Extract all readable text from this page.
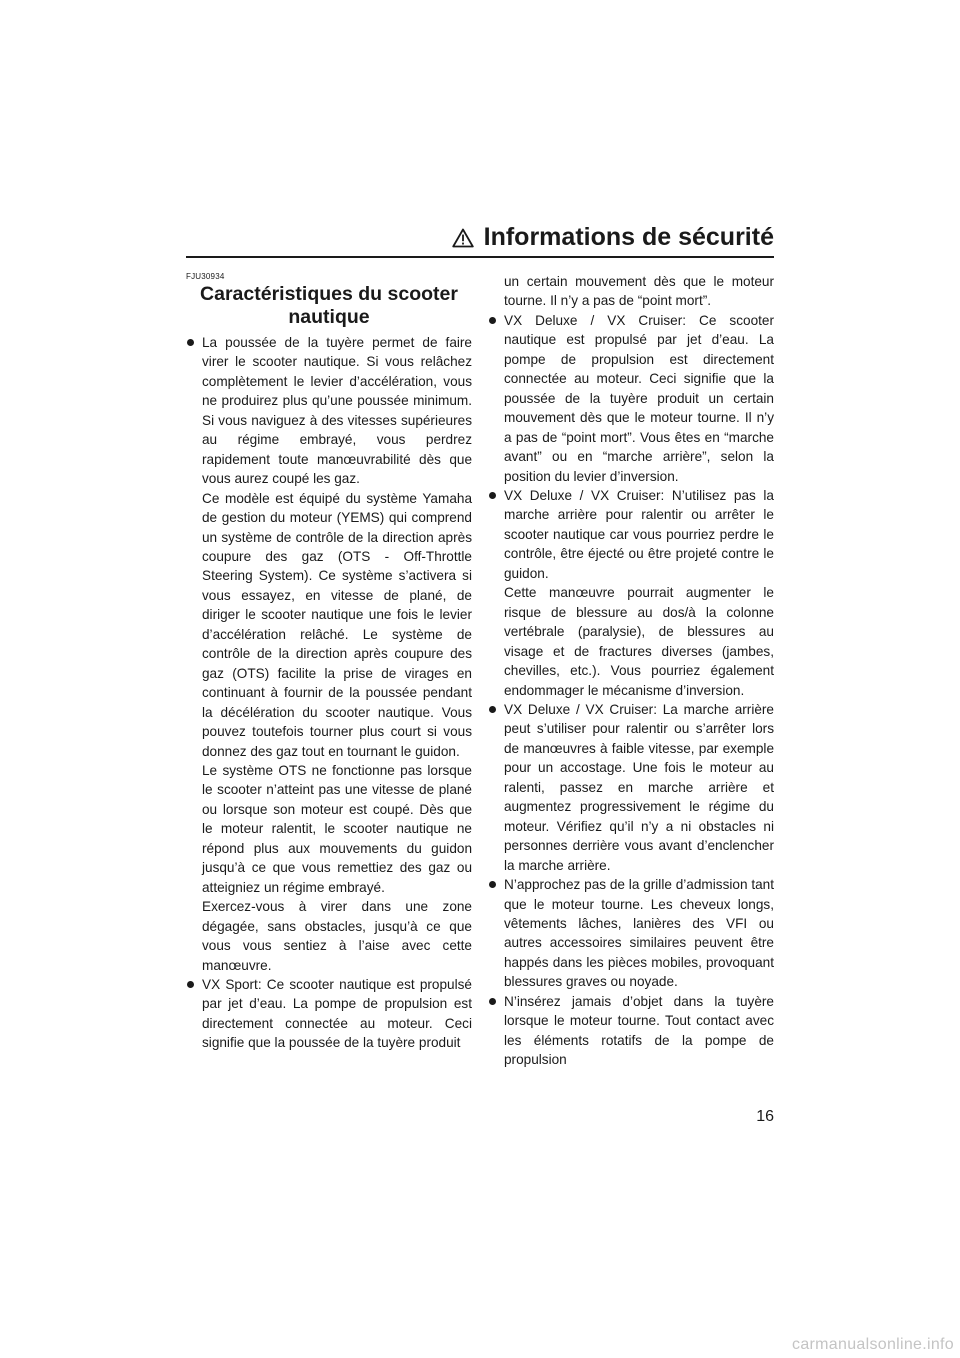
Informations de sécurité
FJU30934
Caractéristiques du scooter nautique

La poussée de la tuyère permet de faire virer le scooter nautique. Si vous relâchez complètement le levier d’accélération, vous ne produirez plus qu’une poussée minimum. Si vous naviguez à des vitesses supérieures au régime embrayé, vous perdrez rapidement toute manœuvrabilité dès que vous aurez coupé les gaz.

Ce modèle est équipé du système Yamaha de gestion du moteur (YEMS) qui comprend un système de contrôle de la direction après coupure des gaz (OTS - Off-Throttle Steering System). Ce système s’activera si vous essayez, en vitesse de plané, de diriger le scooter nautique une fois le levier d’accélération relâché. Le système de contrôle de la direction après coupure des gaz (OTS) facilite la prise de virages en continuant à fournir de la poussée pendant la décélération du scooter nautique. Vous pouvez toutefois tourner plus court si vous donnez des gaz tout en tournant le guidon.

Le système OTS ne fonctionne pas lorsque le scooter n’atteint pas une vitesse de plané ou lorsque son moteur est coupé. Dès que le moteur ralentit, le scooter nautique ne répond plus aux mouvements du guidon jusqu’à ce que vous remettiez des gaz ou atteigniez un régime embrayé.

Exercez-vous à virer dans une zone dégagée, sans obstacles, jusqu’à ce que vous vous sentiez à l’aise avec cette manœuvre.

VX Sport: Ce scooter nautique est propulsé par jet d’eau. La pompe de propulsion est directement connectée au moteur. Ceci signifie que la poussée de la tuyère produit

un certain mouvement dès que le moteur tourne. Il n’y a pas de “point mort”.

VX Deluxe / VX Cruiser: Ce scooter nautique est propulsé par jet d’eau. La pompe de propulsion est directement connectée au moteur. Ceci signifie que la poussée de la tuyère produit un certain mouvement dès que le moteur tourne. Il n’y a pas de “point mort”. Vous êtes en “marche avant” ou en “marche arrière”, selon la position du levier d’inversion.

VX Deluxe / VX Cruiser: N’utilisez pas la marche arrière pour ralentir ou arrêter le scooter nautique car vous pourriez perdre le contrôle, être éjecté ou être projeté contre le guidon.

Cette manœuvre pourrait augmenter le risque de blessure au dos/à la colonne vertébrale (paralysie), de blessures au visage et de fractures diverses (jambes, chevilles, etc.). Vous pourriez également endommager le mécanisme d’inversion.

VX Deluxe / VX Cruiser: La marche arrière peut s’utiliser pour ralentir ou s’arrêter lors de manœuvres à faible vitesse, par exemple pour un accostage. Une fois le moteur au ralenti, passez en marche arrière et augmentez progressivement le régime du moteur. Vérifiez qu’il n’y a ni obstacles ni personnes derrière vous avant d’enclencher la marche arrière.

N’approchez pas de la grille d’admission tant que le moteur tourne. Les cheveux longs, vêtements lâches, lanières des VFI ou autres accessoires similaires peuvent être happés dans les pièces mobiles, provoquant blessures graves ou noyade.

N’insérez jamais d’objet dans la tuyère lorsque le moteur tourne. Tout contact avec les éléments rotatifs de la pompe de propulsion

16
carmanualsonline.info
